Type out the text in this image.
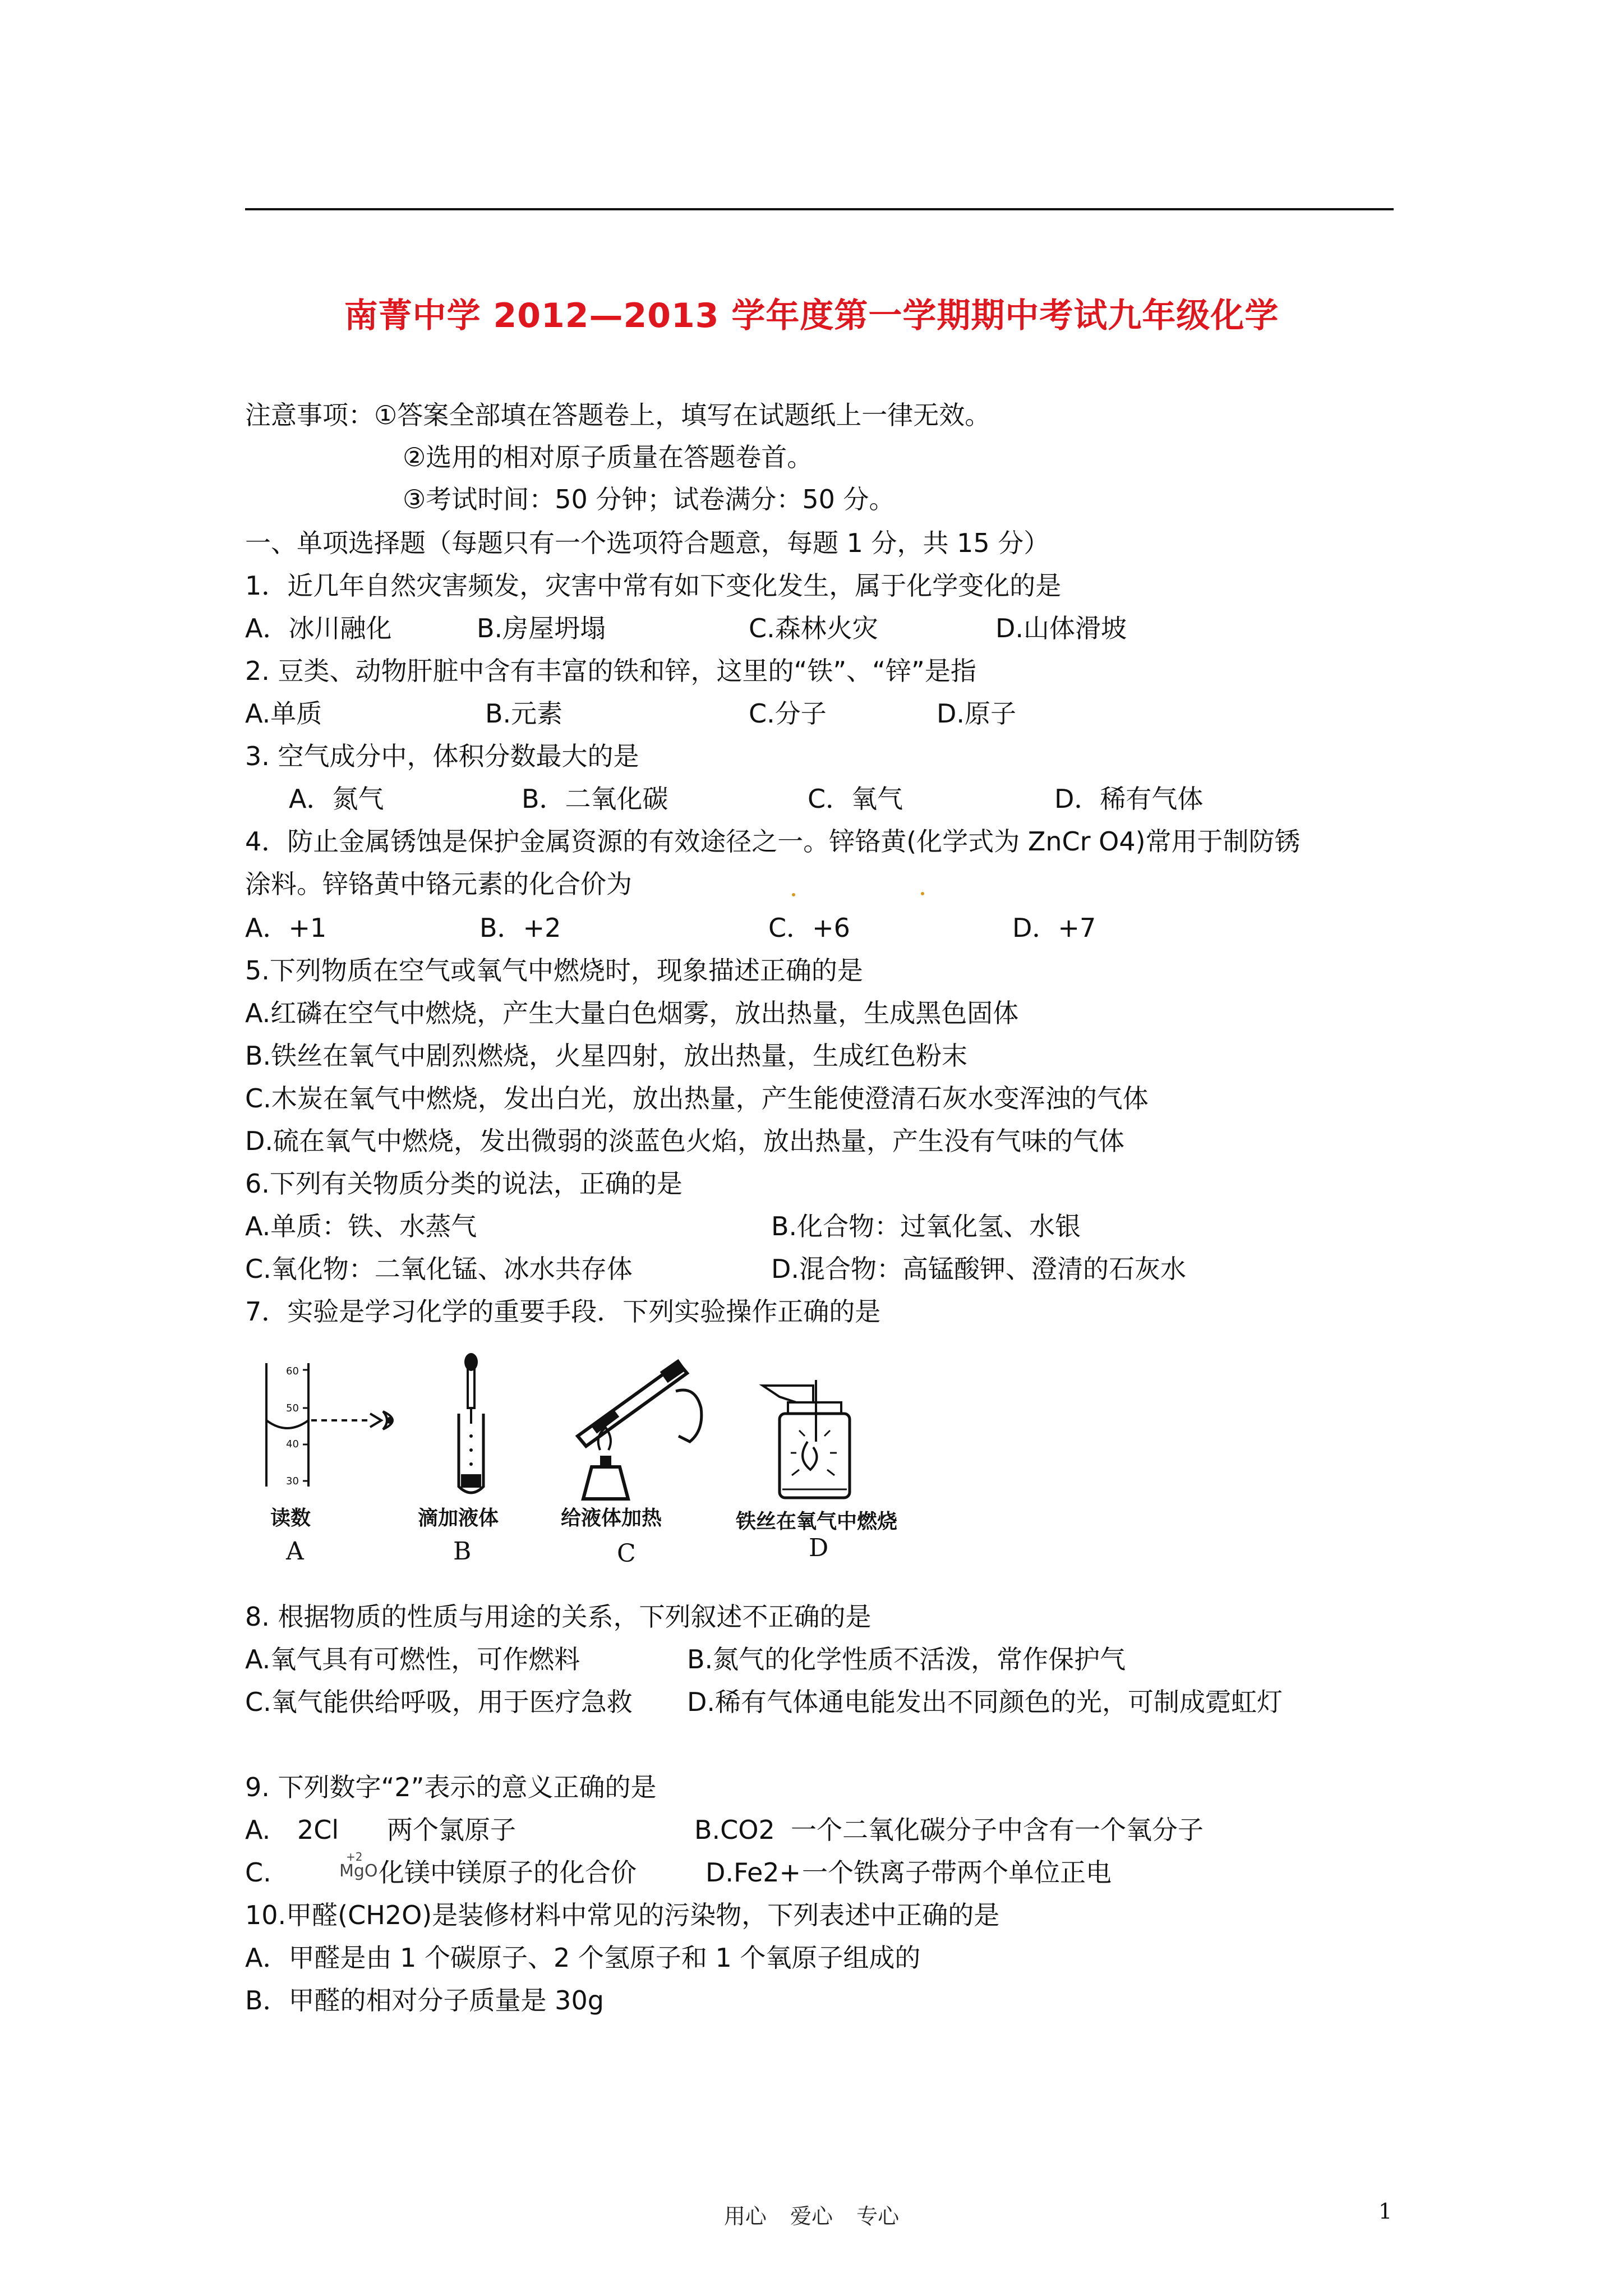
南菁中学 2012—2013 学年度第一学期期中考试九年级化学
注意事项：①答案全部填在答题卷上，填写在试题纸上一律无效。
②选用的相对原子质量在答题卷首。
③考试时间：50 分钟；试卷满分：50 分。
一、单项选择题（每题只有一个选项符合题意，每题 1 分，共 15 分）
1．近几年自然灾害频发，灾害中常有如下变化发生，属于化学变化的是
A．冰川融化	B.房屋坍塌	C.森林火灾	D.山体滑坡
2. 豆类、动物肝脏中含有丰富的铁和锌，这里的“铁”、“锌”是指
A.单质	B.元素	C.分子	D.原子
3. 空气成分中，体积分数最大的是
A．氮气	B．二氧化碳	C．氧气	D．稀有气体
4．防止金属锈蚀是保护金属资源的有效途径之一。锌铬黄(化学式为 ZnCr O4)常用于制防锈
涂料。锌铬黄中铬元素的化合价为
A．+1	B．+2	C．+6	D．+7
5.下列物质在空气或氧气中燃烧时，现象描述正确的是
A.红磷在空气中燃烧，产生大量白色烟雾，放出热量，生成黑色固体
B.铁丝在氧气中剧烈燃烧，火星四射，放出热量，生成红色粉末
C.木炭在氧气中燃烧，发出白光，放出热量，产生能使澄清石灰水变浑浊的气体
D.硫在氧气中燃烧，发出微弱的淡蓝色火焰，放出热量，产生没有气味的气体
6.下列有关物质分类的说法，正确的是
A.单质：铁、水蒸气	B.化合物：过氧化氢、水银
C.氧化物：二氧化锰、冰水共存体	D.混合物：高锰酸钾、澄清的石灰水
7．实验是学习化学的重要手段．下列实验操作正确的是
60
50
40
30
读数
A
滴加液体
B
给液体加热
C
铁丝在氧气中燃烧
D
8. 根据物质的性质与用途的关系，下列叙述不正确的是
A.氧气具有可燃性，可作燃料	B.氮气的化学性质不活泼，常作保护气
C.氧气能供给呼吸，用于医疗急救 D.稀有气体通电能发出不同颜色的光，可制成霓虹灯
9. 下列数字“2”表示的意义正确的是
A. 2Cl 两个氯原子	B.CO2 一个二氧化碳分子中含有一个氧分子
C.
+2
MgO 化镁中镁原子的化合价	D.Fe2+ 一个铁离子带两个单位正电
10.甲醛(CH2O)是装修材料中常见的污染物，下列表述中正确的是
A．甲醛是由 1 个碳原子、2 个氢原子和 1 个氧原子组成的
B．甲醛的相对分子质量是 30g
用心 爱心 专心	1
